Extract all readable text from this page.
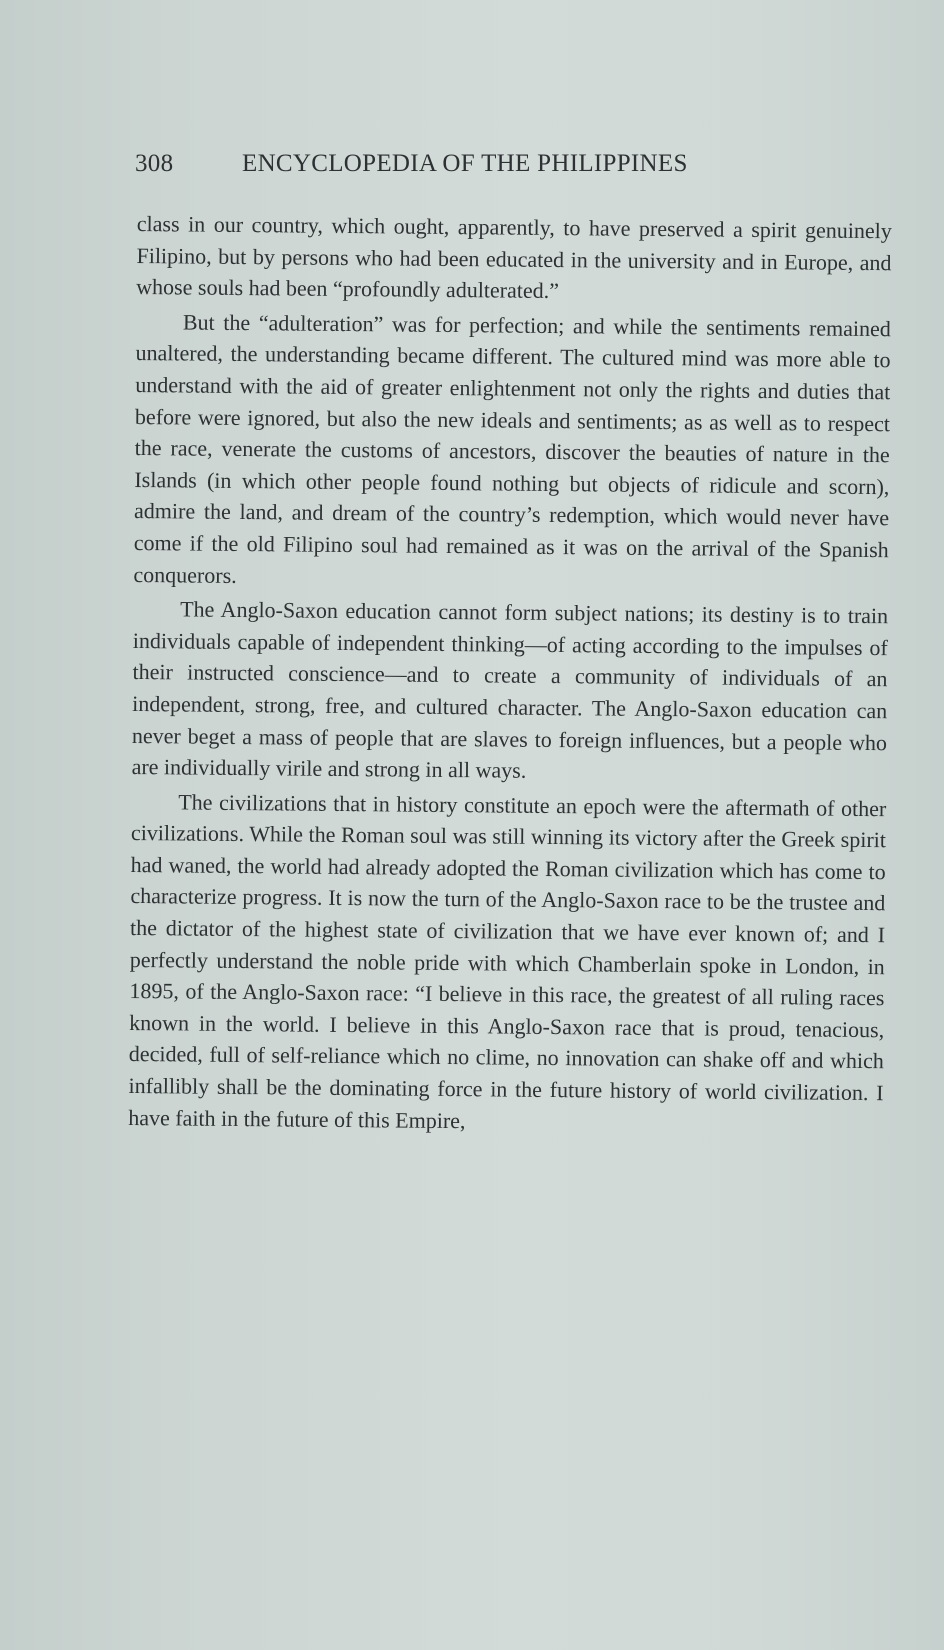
308	ENCYCLOPEDIA OF THE PHILIPPINES

class in our country, which ought, apparently, to have preserved a spirit genuinely Filipino, but by persons who had been educated in the university and in Europe, and whose souls had been “profoundly adulterated.”

But the “adulteration” was for perfection; and while the sentiments remained unaltered, the understanding became different. The cultured mind was more able to understand with the aid of greater enlightenment not only the rights and duties that before were ignored, but also the new ideals and sentiments; as as well as to respect the race, venerate the customs of ancestors, discover the beauties of nature in the Islands (in which other people found nothing but objects of ridicule and scorn), admire the land, and dream of the country’s redemption, which would never have come if the old Filipino soul had remained as it was on the arrival of the Spanish conquerors.

The Anglo-Saxon education cannot form subject nations; its destiny is to train individuals capable of independent thinking—of acting according to the impulses of their instructed conscience—and to create a community of individuals of an independent, strong, free, and cultured character. The Anglo-Saxon education can never beget a mass of people that are slaves to foreign influences, but a people who are individually virile and strong in all ways.

The civilizations that in history constitute an epoch were the aftermath of other civilizations. While the Roman soul was still winning its victory after the Greek spirit had waned, the world had already adopted the Roman civilization which has come to characterize progress. It is now the turn of the Anglo-Saxon race to be the trustee and the dictator of the highest state of civilization that we have ever known of; and I perfectly understand the noble pride with which Chamberlain spoke in London, in 1895, of the Anglo-Saxon race: “I believe in this race, the greatest of all ruling races known in the world. I believe in this Anglo-Saxon race that is proud, tenacious, decided, full of self-reliance which no clime, no innovation can shake off and which infallibly shall be the dominating force in the future history of world civilization. I have faith in the future of this Empire,
